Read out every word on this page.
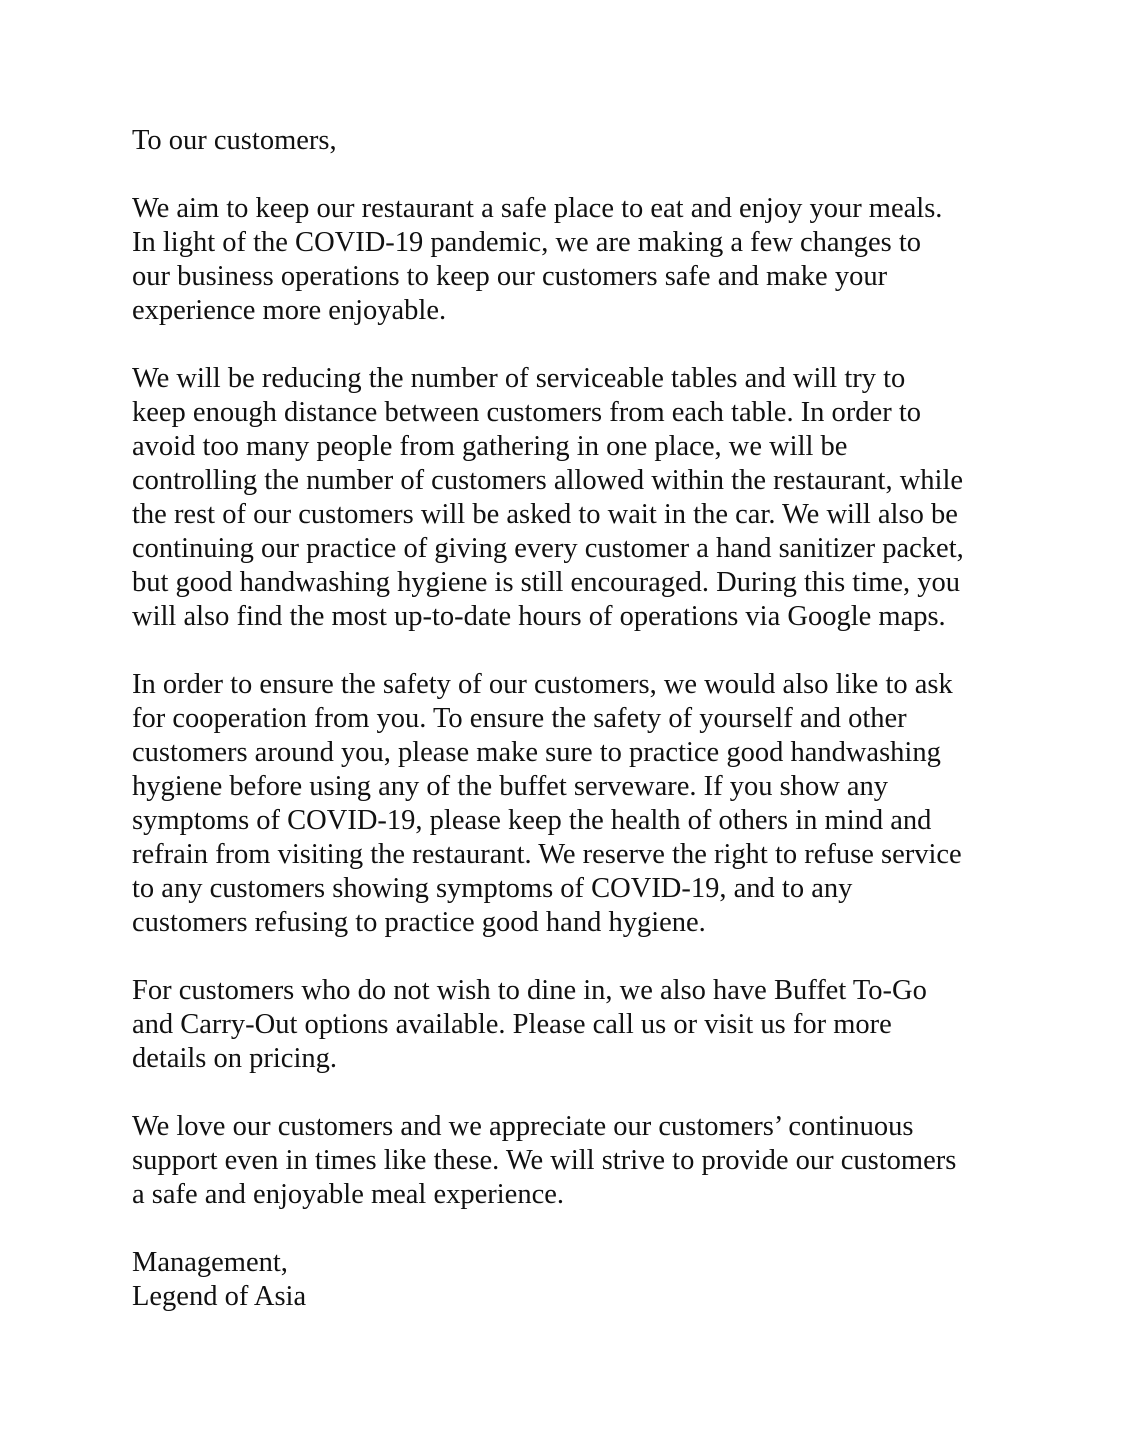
To our customers,

We aim to keep our restaurant a safe place to eat and enjoy your meals.
In light of the COVID-19 pandemic, we are making a few changes to
our business operations to keep our customers safe and make your
experience more enjoyable.

We will be reducing the number of serviceable tables and will try to
keep enough distance between customers from each table. In order to
avoid too many people from gathering in one place, we will be
controlling the number of customers allowed within the restaurant, while
the rest of our customers will be asked to wait in the car. We will also be
continuing our practice of giving every customer a hand sanitizer packet,
but good handwashing hygiene is still encouraged. During this time, you
will also find the most up-to-date hours of operations via Google maps.

In order to ensure the safety of our customers, we would also like to ask
for cooperation from you. To ensure the safety of yourself and other
customers around you, please make sure to practice good handwashing
hygiene before using any of the buffet serveware. If you show any
symptoms of COVID-19, please keep the health of others in mind and
refrain from visiting the restaurant. We reserve the right to refuse service
to any customers showing symptoms of COVID-19, and to any
customers refusing to practice good hand hygiene.

For customers who do not wish to dine in, we also have Buffet To-Go
and Carry-Out options available. Please call us or visit us for more
details on pricing.

We love our customers and we appreciate our customers’ continuous
support even in times like these. We will strive to provide our customers
a safe and enjoyable meal experience.

Management,
Legend of Asia
